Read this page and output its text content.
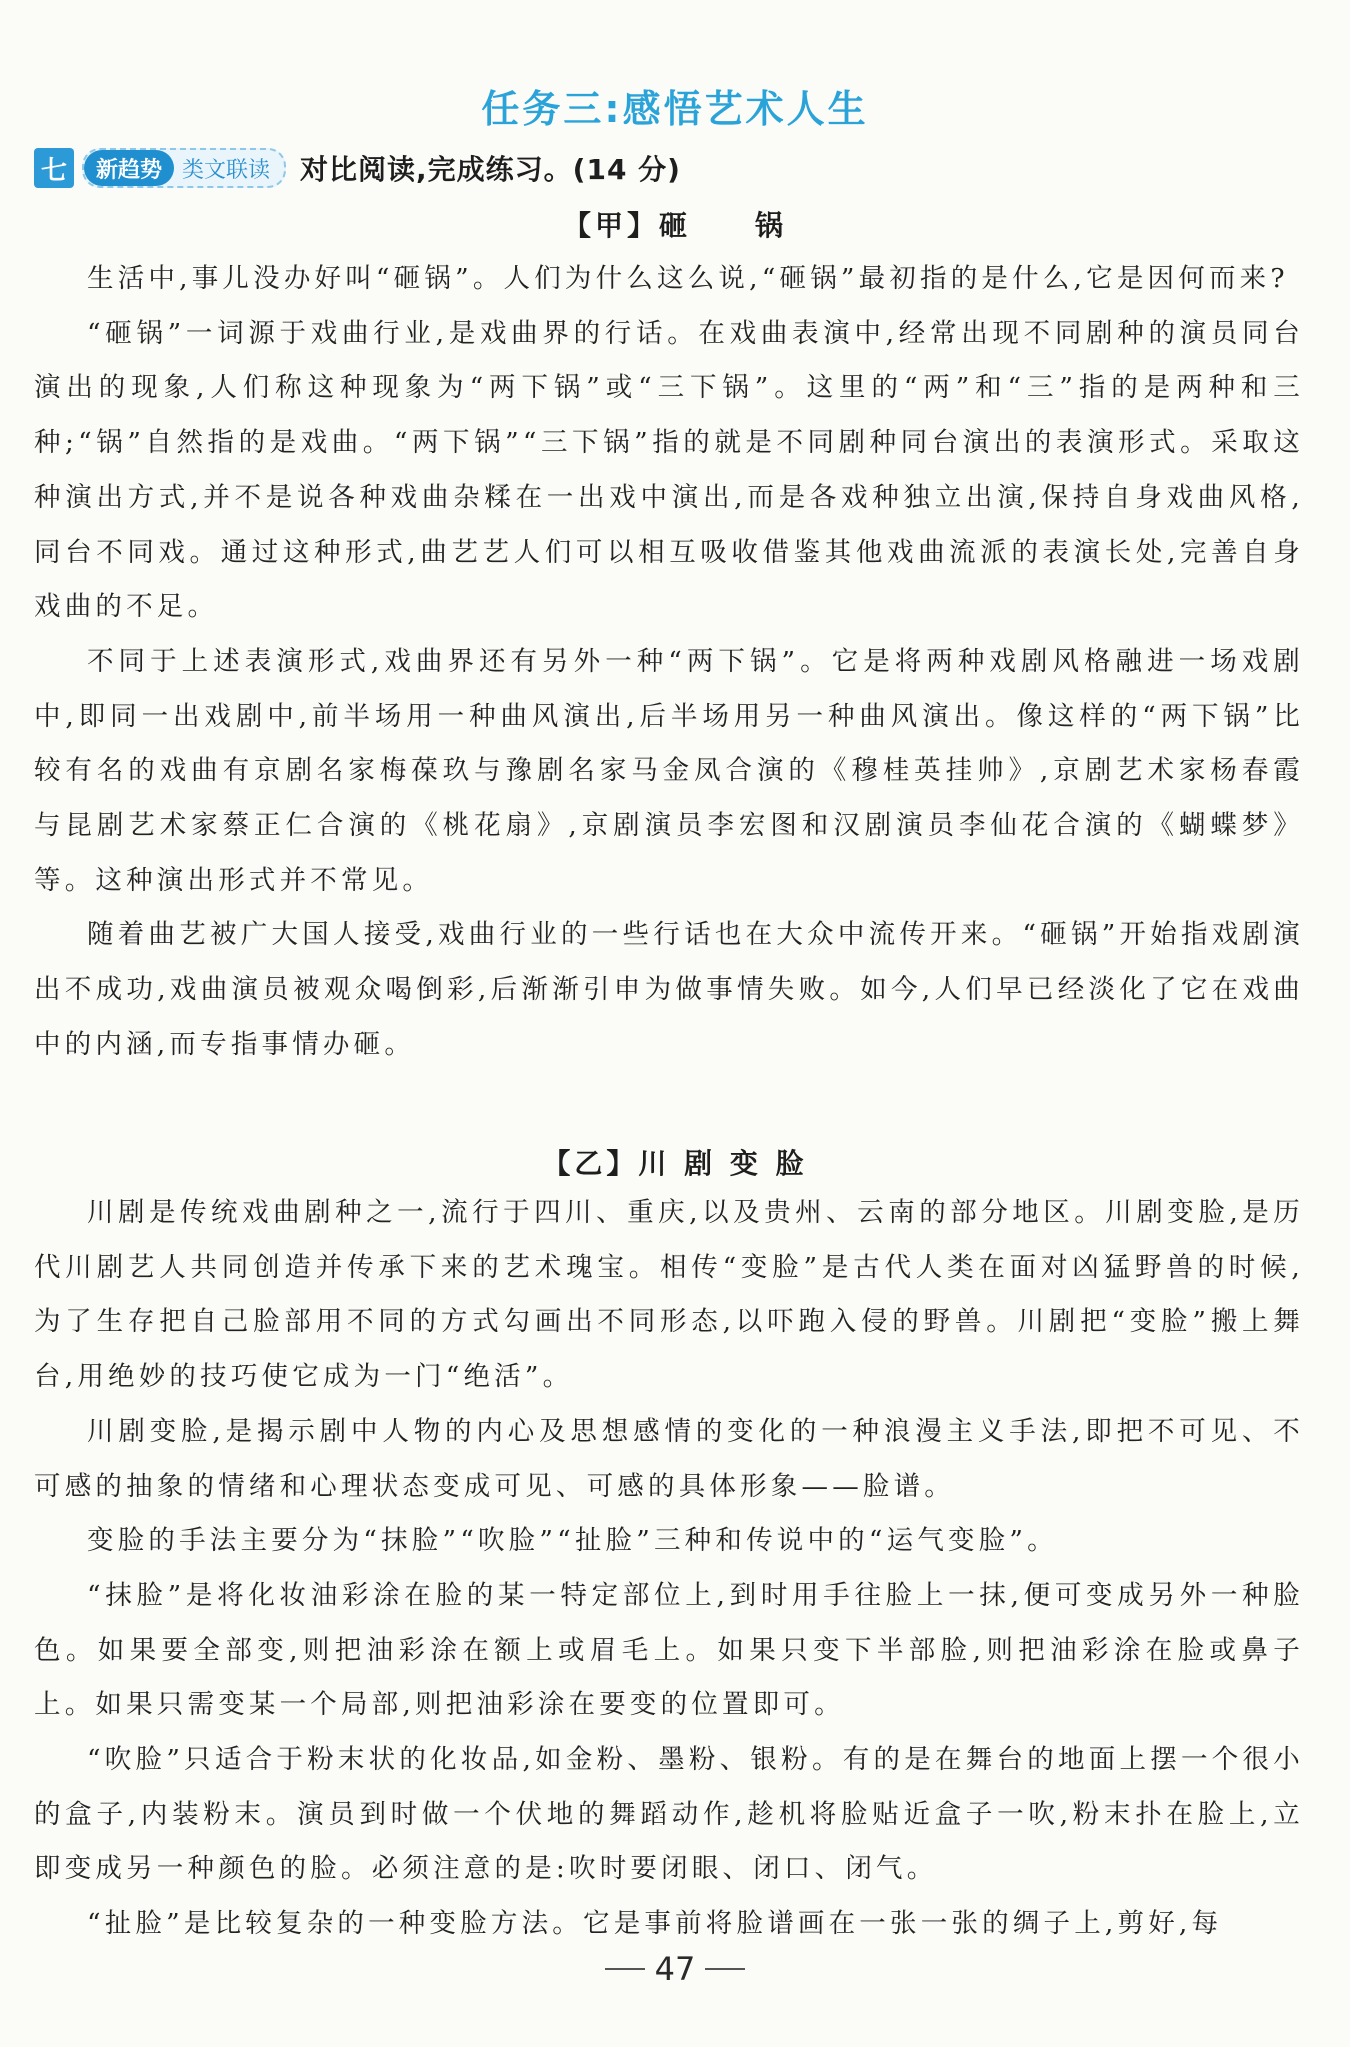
任务三:感悟艺术人生
七	新趋势 类文联读	对比阅读,完成练习。(14 分)
【甲】砸　　锅

生活中,事儿没办好叫“砸锅”。人们为什么这么说,“砸锅”最初指的是什么,它是因何而来?

“砸锅”一词源于戏曲行业,是戏曲界的行话。在戏曲表演中,经常出现不同剧种的演员同台演出的现象,人们称这种现象为“两下锅”或“三下锅”。这里的“两”和“三”指的是两种和三种;“锅”自然指的是戏曲。“两下锅”“三下锅”指的就是不同剧种同台演出的表演形式。采取这种演出方式,并不是说各种戏曲杂糅在一出戏中演出,而是各戏种独立出演,保持自身戏曲风格,同台不同戏。通过这种形式,曲艺艺人们可以相互吸收借鉴其他戏曲流派的表演长处,完善自身戏曲的不足。

不同于上述表演形式,戏曲界还有另外一种“两下锅”。它是将两种戏剧风格融进一场戏剧中,即同一出戏剧中,前半场用一种曲风演出,后半场用另一种曲风演出。像这样的“两下锅”比较有名的戏曲有京剧名家梅葆玖与豫剧名家马金凤合演的《穆桂英挂帅》,京剧艺术家杨春霞与昆剧艺术家蔡正仁合演的《桃花扇》,京剧演员李宏图和汉剧演员李仙花合演的《蝴蝶梦》等。这种演出形式并不常见。

随着曲艺被广大国人接受,戏曲行业的一些行话也在大众中流传开来。“砸锅”开始指戏剧演出不成功,戏曲演员被观众喝倒彩,后渐渐引申为做事情失败。如今,人们早已经淡化了它在戏曲中的内涵,而专指事情办砸。

【乙】川 剧 变 脸

川剧是传统戏曲剧种之一,流行于四川、重庆,以及贵州、云南的部分地区。川剧变脸,是历代川剧艺人共同创造并传承下来的艺术瑰宝。相传“变脸”是古代人类在面对凶猛野兽的时候,为了生存把自己脸部用不同的方式勾画出不同形态,以吓跑入侵的野兽。川剧把“变脸”搬上舞台,用绝妙的技巧使它成为一门“绝活”。

川剧变脸,是揭示剧中人物的内心及思想感情的变化的一种浪漫主义手法,即把不可见、不可感的抽象的情绪和心理状态变成可见、可感的具体形象——脸谱。

变脸的手法主要分为“抹脸”“吹脸”“扯脸”三种和传说中的“运气变脸”。

“抹脸”是将化妆油彩涂在脸的某一特定部位上,到时用手往脸上一抹,便可变成另外一种脸色。如果要全部变,则把油彩涂在额上或眉毛上。如果只变下半部脸,则把油彩涂在脸或鼻子上。如果只需变某一个局部,则把油彩涂在要变的位置即可。

“吹脸”只适合于粉末状的化妆品,如金粉、墨粉、银粉。有的是在舞台的地面上摆一个很小的盒子,内装粉末。演员到时做一个伏地的舞蹈动作,趁机将脸贴近盒子一吹,粉末扑在脸上,立即变成另一种颜色的脸。必须注意的是:吹时要闭眼、闭口、闭气。

“扯脸”是比较复杂的一种变脸方法。它是事前将脸谱画在一张一张的绸子上,剪好,每

47
